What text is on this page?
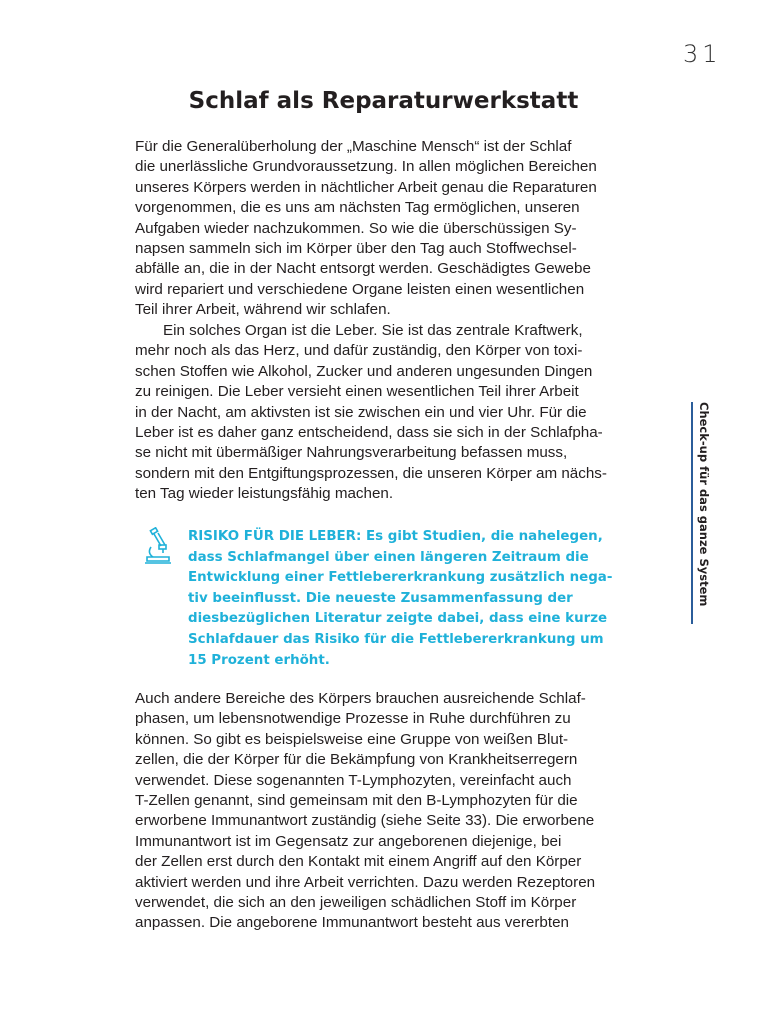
31
Schlaf als Reparaturwerkstatt
Für die Generalüberholung der „Maschine Mensch“ ist der Schlaf
die unerlässliche Grundvoraussetzung. In allen möglichen Bereichen
unseres Körpers werden in nächtlicher Arbeit genau die Reparaturen
vorgenommen, die es uns am nächsten Tag ermöglichen, unseren
Aufgaben wieder nachzukommen. So wie die überschüssigen Sy-
napsen sammeln sich im Körper über den Tag auch Stoffwechsel-
abfälle an, die in der Nacht entsorgt werden. Geschädigtes Gewebe
wird repariert und verschiedene Organe leisten einen wesentlichen
Teil ihrer Arbeit, während wir schlafen.
Ein solches Organ ist die Leber. Sie ist das zentrale Kraftwerk,
mehr noch als das Herz, und dafür zuständig, den Körper von toxi-
schen Stoffen wie Alkohol, Zucker und anderen ungesunden Dingen
zu reinigen. Die Leber versieht einen wesentlichen Teil ihrer Arbeit
in der Nacht, am aktivsten ist sie zwischen ein und vier Uhr. Für die
Leber ist es daher ganz entscheidend, dass sie sich in der Schlafpha-
se nicht mit übermäßiger Nahrungsverarbeitung befassen muss,
sondern mit den Entgiftungsprozessen, die unseren Körper am nächs-
ten Tag wieder leistungsfähig machen.
RISIKO FÜR DIE LEBER: Es gibt Studien, die nahelegen,
dass Schlafmangel über einen längeren Zeitraum die
Entwicklung einer Fettlebererkrankung zusätzlich nega-
tiv beeinflusst. Die neueste Zusammenfassung der
diesbezüglichen Literatur zeigte dabei, dass eine kurze
Schlafdauer das Risiko für die Fettlebererkrankung um
15 Prozent erhöht.
Auch andere Bereiche des Körpers brauchen ausreichende Schlaf-
phasen, um lebensnotwendige Prozesse in Ruhe durchführen zu
können. So gibt es beispielsweise eine Gruppe von weißen Blut-
zellen, die der Körper für die Bekämpfung von Krankheitserregern
verwendet. Diese sogenannten T-Lymphozyten, vereinfacht auch
T-Zellen genannt, sind gemeinsam mit den B-Lymphozyten für die
erworbene Immunantwort zuständig (siehe Seite 33). Die erworbene
Immunantwort ist im Gegensatz zur angeborenen diejenige, bei
der Zellen erst durch den Kontakt mit einem Angriff auf den Körper
aktiviert werden und ihre Arbeit verrichten. Dazu werden Rezeptoren
verwendet, die sich an den jeweiligen schädlichen Stoff im Körper
anpassen. Die angeborene Immunantwort besteht aus vererbten
Check-up für das ganze System
